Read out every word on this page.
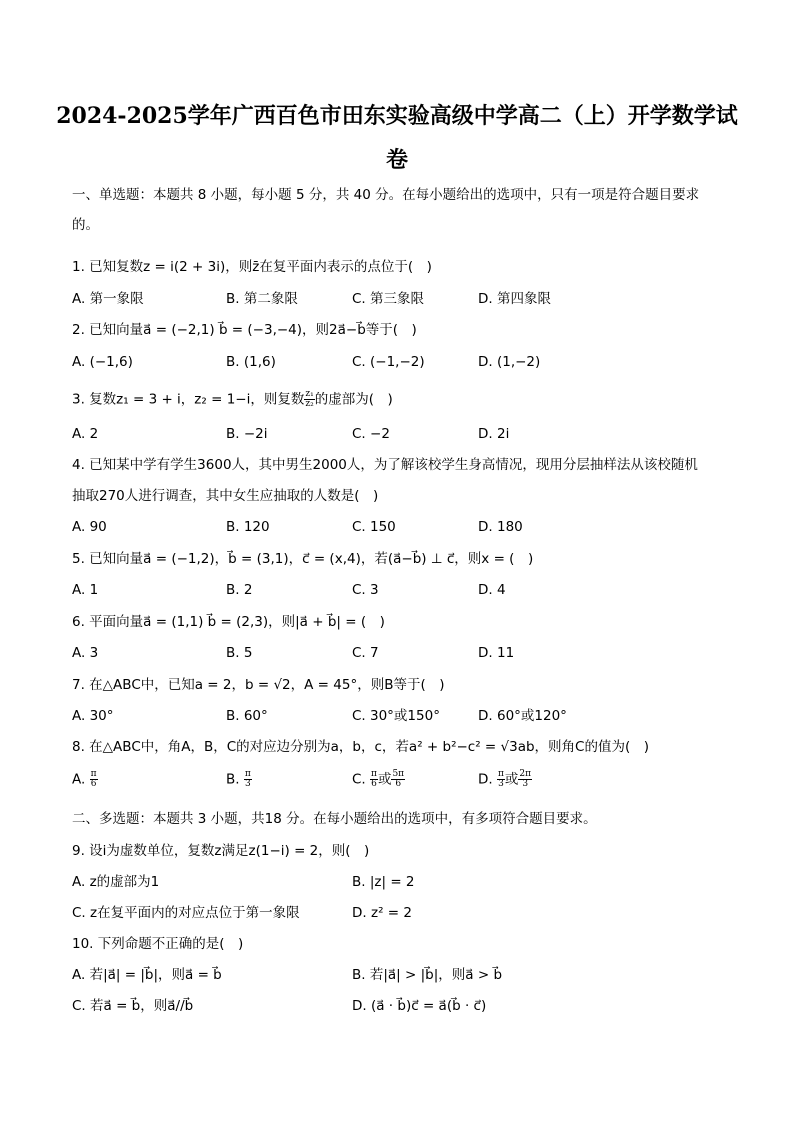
2024-2025学年广西百色市田东实验高级中学高二（上）开学数学试
卷
一、单选题：本题共 8 小题，每小题 5 分，共 40 分。在每小题给出的选项中，只有一项是符合题目要求
的。
1. 已知复数z = i(2 + 3i)，则z̄在复平面内表示的点位于(　)
A. 第一象限	B. 第二象限	C. 第三象限	D. 第四象限
2. 已知向量a⃗ = (−2,1) b⃗ = (−3,−4)，则2a⃗−b⃗等于(　)
A. (−1,6)	B. (1,6)	C. (−1,−2)	D. (1,−2)
3. 复数z₁ = 3 + i，z₂ = 1−i，则复数 $\frac{\text{z₁}}{\text{z₂}}$ 的虚部为(　)
A. 2	B. −2i	C. −2	D. 2i
4. 已知某中学有学生3600人，其中男生2000人，为了解该校学生身高情况，现用分层抽样法从该校随机
抽取270人进行调查，其中女生应抽取的人数是(　)
A. 90	B. 120	C. 150	D. 180
5. 已知向量a⃗ = (−1,2)，b⃗ = (3,1)，c⃗ = (x,4)，若(a⃗−b⃗) ⊥ c⃗，则x = (　)
A. 1	B. 2	C. 3	D. 4
6. 平面向量a⃗ = (1,1) b⃗ = (2,3)，则|a⃗ + b⃗| = (　)
A. 3	B. 5	C. 7	D. 11
7. 在△ABC中，已知a = 2，b = √2，A = 45°，则B等于(　)
A. 30°	B. 60°	C. 30°或150°	D. 60°或120°
8. 在△ABC中，角A，B，C的对应边分别为a，b，c，若a² + b²−c² = √3ab，则角C的值为(　)
A. $\frac{\pi}{6}$	B. $\frac{\pi}{3}$	C. $\frac{\pi}{6}$ 或 $\frac{5\pi}{6}$	D. $\frac{\pi}{3}$ 或 $\frac{2\pi}{3}$
二、多选题：本题共 3 小题，共18 分。在每小题给出的选项中，有多项符合题目要求。
9. 设i为虚数单位，复数z满足z(1−i) = 2，则(　)
A. z的虚部为1	B. |z| = 2
C. z在复平面内的对应点位于第一象限	D. z² = 2
10. 下列命题不正确的是(　)
A. 若|a⃗| = |b⃗|，则a⃗ = b⃗	B. 若|a⃗| > |b⃗|，则a⃗ > b⃗
C. 若a⃗ = b⃗，则a⃗//b⃗	D. (a⃗ · b⃗)c⃗ = a⃗(b⃗ · c⃗)
